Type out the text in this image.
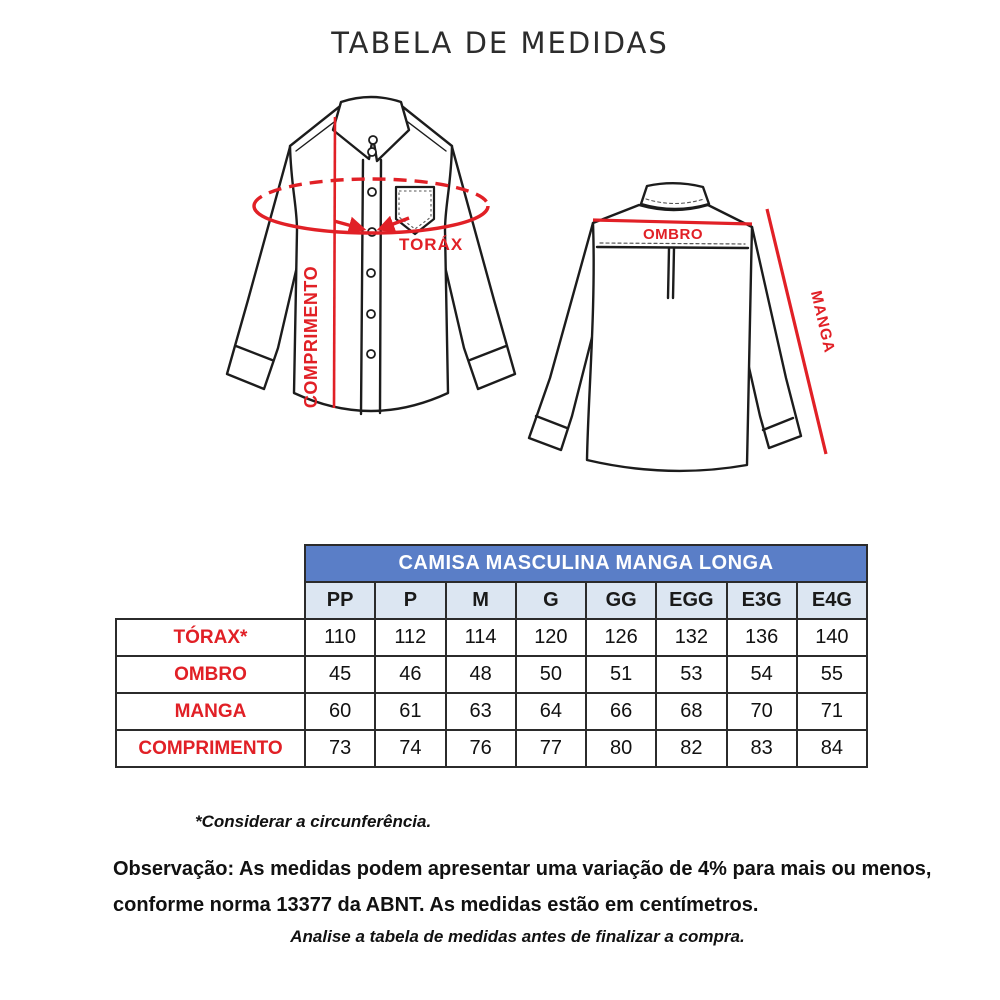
TABELA DE MEDIDAS
TORÁX
COMPRIMENTO
OMBRO
MANGA
	CAMISA MASCULINA MANGA LONGA							
	PP	P	M	G	GG	EGG	E3G	E4G
TÓRAX*	110	112	114	120	126	132	136	140
OMBRO	45	46	48	50	51	53	54	55
MANGA	60	61	63	64	66	68	70	71
COMPRIMENTO	73	74	76	77	80	82	83	84
*Considerar a circunferência.
Observação: As medidas podem apresentar uma variação de 4% para mais ou menos, conforme norma 13377 da ABNT. As medidas estão em centímetros.
Analise a tabela de medidas antes de finalizar a compra.
